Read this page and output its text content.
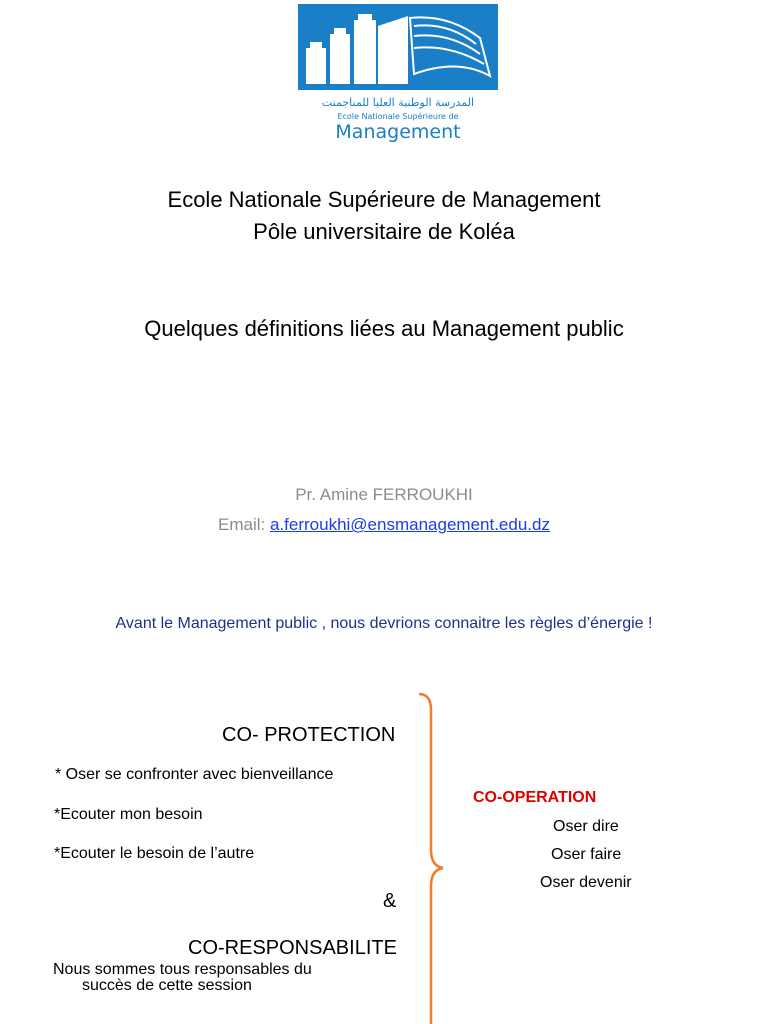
المدرسة الوطنية العليا للمناجمنت
Ecole Nationale Supérieure de
Management
Ecole Nationale Supérieure de Management
Pôle universitaire de Koléa
Quelques définitions liées au Management public
Pr. Amine FERROUKHI
Email: a.ferroukhi@ensmanagement.edu.dz
Avant le Management public , nous devrions connaitre les règles d’énergie !
CO- PROTECTION
* Oser se confronter avec bienveillance
*Ecouter mon besoin
*Ecouter le besoin de l’autre
&
CO-RESPONSABILITE
Nous sommes tous responsables du
succès de cette session
CO-OPERATION
Oser dire
Oser faire
Oser devenir
